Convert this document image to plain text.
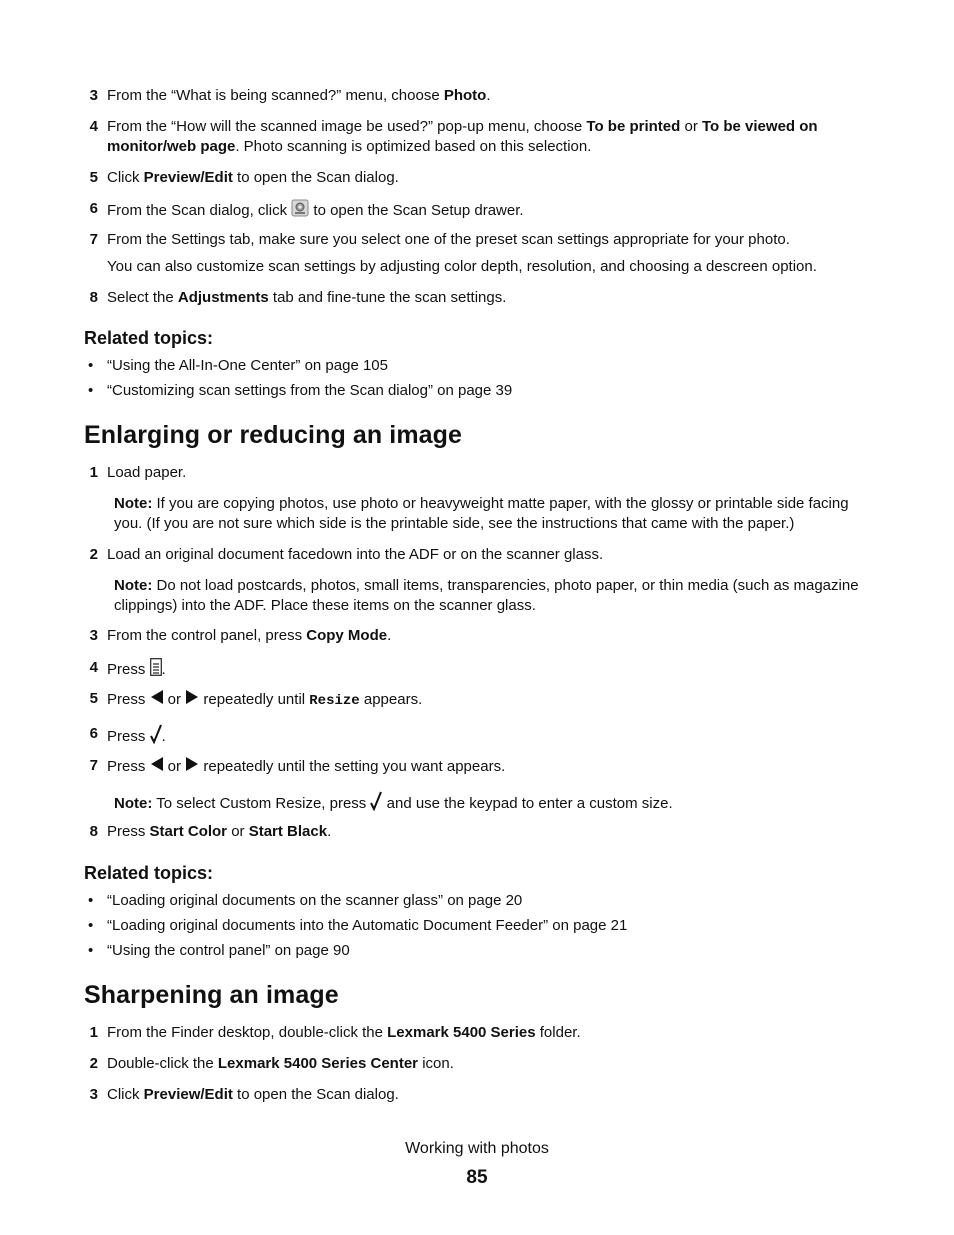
3 From the “What is being scanned?” menu, choose Photo.
4 From the “How will the scanned image be used?” pop-up menu, choose To be printed or To be viewed on monitor/web page. Photo scanning is optimized based on this selection.
5 Click Preview/Edit to open the Scan dialog.
6 From the Scan dialog, click  to open the Scan Setup drawer.
7 From the Settings tab, make sure you select one of the preset scan settings appropriate for your photo.
You can also customize scan settings by adjusting color depth, resolution, and choosing a descreen option.
8 Select the Adjustments tab and fine-tune the scan settings.
Related topics:
• “Using the All-In-One Center” on page 105
• “Customizing scan settings from the Scan dialog” on page 39
Enlarging or reducing an image
1 Load paper.
Note: If you are copying photos, use photo or heavyweight matte paper, with the glossy or printable side facing you. (If you are not sure which side is the printable side, see the instructions that came with the paper.)
2 Load an original document facedown into the ADF or on the scanner glass.
Note: Do not load postcards, photos, small items, transparencies, photo paper, or thin media (such as magazine clippings) into the ADF. Place these items on the scanner glass.
3 From the control panel, press Copy Mode.
4 Press .
5 Press  or  repeatedly until Resize appears.
6 Press .
7 Press  or  repeatedly until the setting you want appears.
Note: To select Custom Resize, press  and use the keypad to enter a custom size.
8 Press Start Color or Start Black.
Related topics:
• “Loading original documents on the scanner glass” on page 20
• “Loading original documents into the Automatic Document Feeder” on page 21
• “Using the control panel” on page 90
Sharpening an image
1 From the Finder desktop, double-click the Lexmark 5400 Series folder.
2 Double-click the Lexmark 5400 Series Center icon.
3 Click Preview/Edit to open the Scan dialog.
Working with photos
85
